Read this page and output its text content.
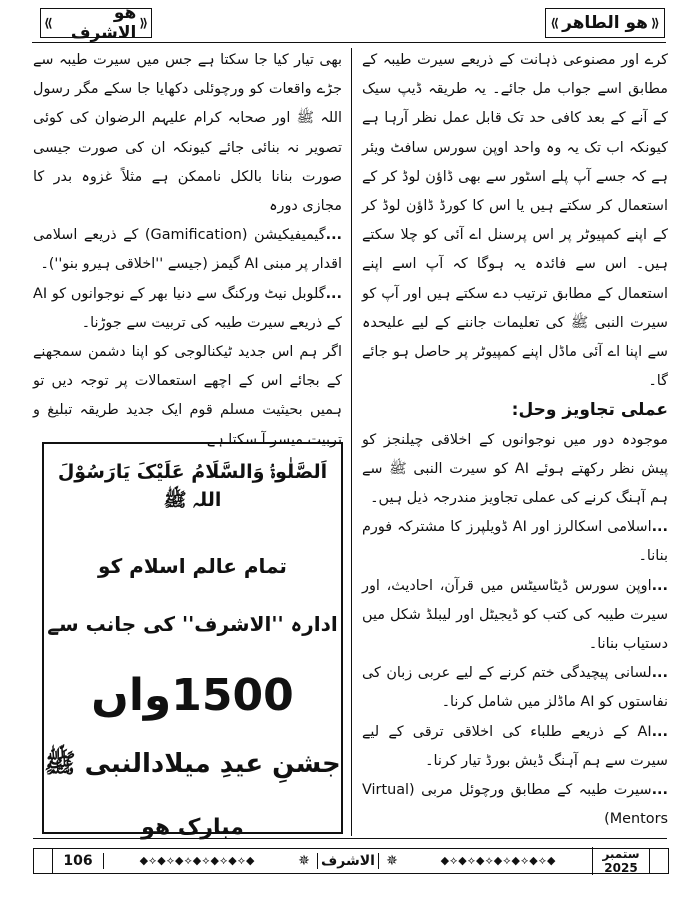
⟪
ھو الاشرف
⟫	⟪
ھو الطاھر
⟫

کرے اور مصنوعی ذہانت کے ذریعے سیرت طیبہ کے مطابق اسے جواب مل جائے۔ یہ طریقہ ڈیپ سیک کے آنے کے بعد کافی حد تک قابل عمل نظر آرہا ہے کیونکہ اب تک یہ وہ واحد اوپن سورس سافٹ ویئر ہے کہ جسے آپ پلے اسٹور سے بھی ڈاؤن لوڈ کر کے استعمال کر سکتے ہیں یا اس کا کورڈ ڈاؤن لوڈ کر کے اپنے کمپیوٹر پر اس پرسنل اے آئی کو چلا سکتے ہیں۔ اس سے فائدہ یہ ہوگا کہ آپ اسے اپنے استعمال کے مطابق ترتیب دے سکتے ہیں اور آپ کو سیرت النبی ﷺ کی تعلیمات جاننے کے لیے علیحدہ سے اپنا اے آئی ماڈل اپنے کمپیوٹر پر حاصل ہو جائے گا۔

عملی تجاویز وحل:

موجودہ دور میں نوجوانوں کے اخلاقی چیلنجز کو پیش نظر رکھتے ہوئے AI کو سیرت النبی ﷺ سے ہم آہنگ کرنے کی عملی تجاویز مندرجہ ذیل ہیں۔

...اسلامی اسکالرز اور AI ڈویلپرز کا مشترکہ فورم بنانا۔

...اوپن سورس ڈیٹاسیٹس میں قرآن، احادیث، اور سیرت طیبہ کی کتب کو ڈیجیٹل اور لیبلڈ شکل میں دستیاب بنانا۔

...لسانی پیچیدگی ختم کرنے کے لیے عربی زبان کی نفاستوں کو AI ماڈلز میں شامل کرنا۔

...AI کے ذریعے طلباء کی اخلاقی ترقی کے لیے سیرت سے ہم آہنگ ڈیش بورڈ تیار کرنا۔

...سیرت طیبہ کے مطابق ورچوئل مربی (Virtual Mentors)

بھی تیار کیا جا سکتا ہے جس میں سیرت طیبہ سے جڑے واقعات کو ورچوئلی دکھایا جا سکے مگر رسول اللہ ﷺ اور صحابہ کرام علیہم الرضوان کی کوئی تصویر نہ بنائی جائے کیونکہ ان کی صورت جیسی صورت بنانا بالکل ناممکن ہے مثلاً غزوہ بدر کا مجازی دورہ

...گیمیفیکیشن (Gamification) کے ذریعے اسلامی اقدار پر مبنی AI گیمز (جیسے ''اخلاقی ہیرو بنو'')۔

...گلوبل نیٹ ورکنگ سے دنیا بھر کے نوجوانوں کو AI کے ذریعے سیرت طیبہ کی تربیت سے جوڑنا۔

اگر ہم اس جدید ٹیکنالوجی کو اپنا دشمن سمجھنے کے بجائے اس کے اچھے استعمالات پر توجہ دیں تو ہمیں بحیثیت مسلم قوم ایک جدید طریقہ تبلیغ و تربیت میسر آ سکتا ہے۔

اَلصَّلٰوۃُ وَالسَّلَامُ عَلَیْکَ یَارَسُوْلَ اللہ ﷺ
تمام عالم اسلام کو
ادارہ ''الاشرف'' کی جانب سے
1500واں
جشنِ عیدِ میلادالنبی ﷺ
مبارک ھو
106	◆⟡◆⟡◆⟡◆⟡◆⟡◆⟡◆	✵ الاشرف ✵	◆⟡◆⟡◆⟡◆⟡◆⟡◆⟡◆	ستمبر 2025
